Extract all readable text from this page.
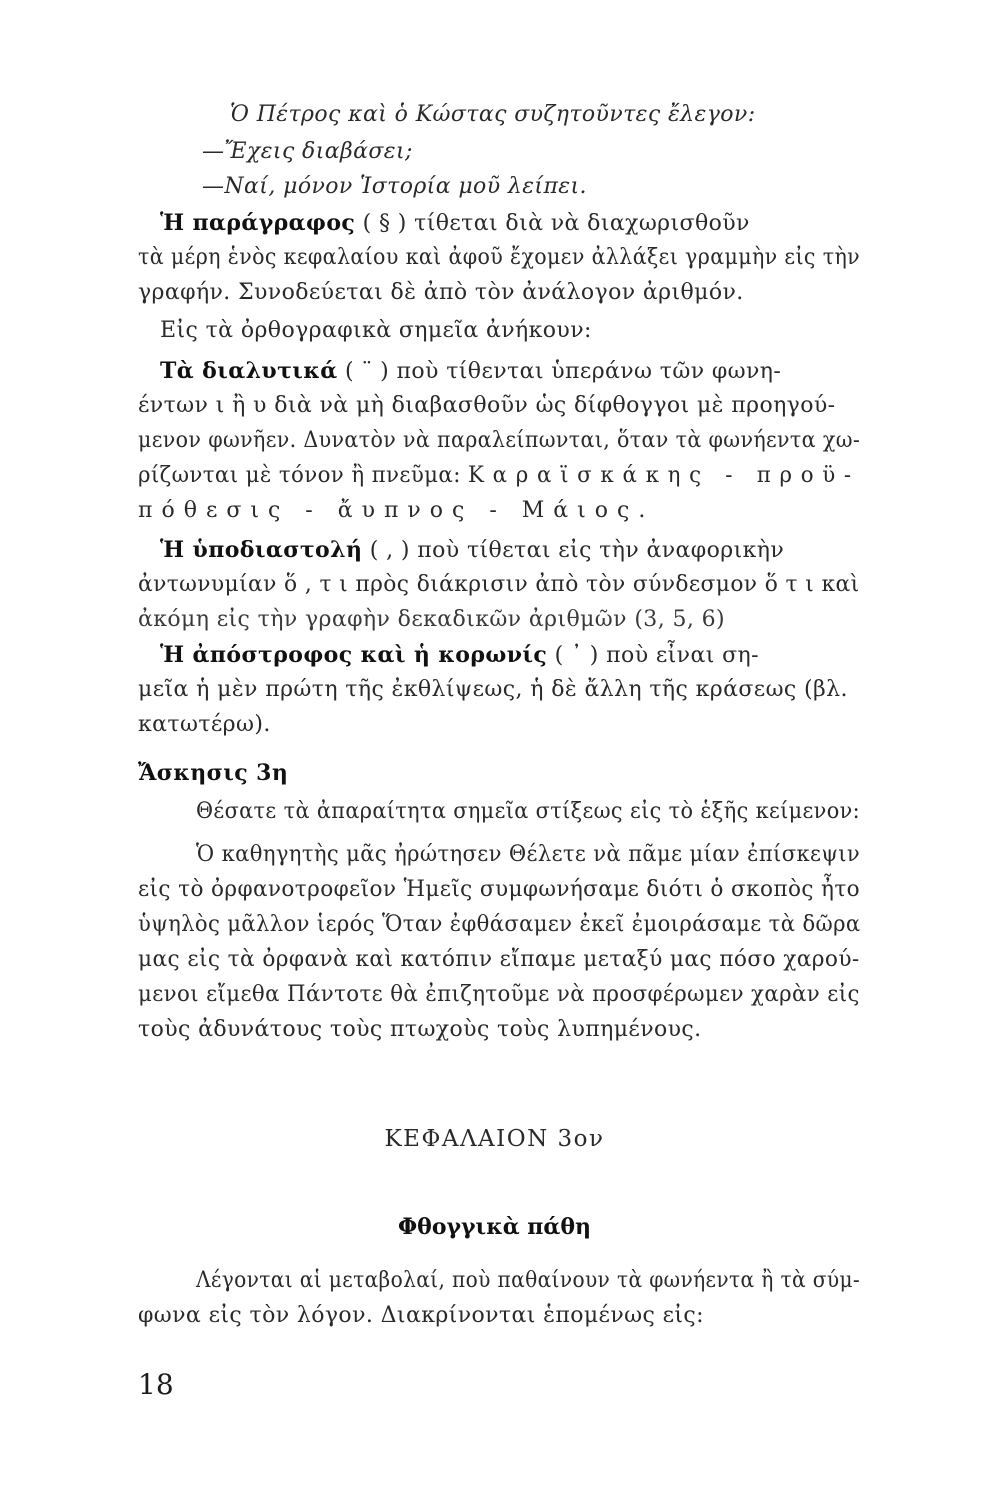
Ὁ Πέτρος καὶ ὁ Κώστας συζητοῦντες ἔλεγον:
—Ἔχεις διαβάσει;
—Ναί, μόνον Ἱστορία μοῦ λείπει.
Ἡ παράγραφος ( § ) τίθεται διὰ νὰ διαχωρισθοῦν
τὰ μέρη ἑνὸς κεφαλαίου καὶ ἀφοῦ ἔχομεν ἀλλάξει γραμμὴν εἰς τὴν
γραφήν. Συνοδεύεται δὲ ἀπὸ τὸν ἀνάλογον ἀριθμόν.
Εἰς τὰ ὀρθογραφικὰ σημεῖα ἀνήκουν:
Τὰ διαλυτικά ( ¨ ) ποὺ τίθενται ὑπεράνω τῶν φωνη-
έντων ι ἢ υ διὰ νὰ μὴ διαβασθοῦν ὡς δίφθογγοι μὲ προηγού-
μενον φωνῆεν. Δυνατὸν νὰ παραλείπωνται, ὅταν τὰ φωνήεντα χω-
ρίζωνται μὲ τόνον ἢ πνεῦμα: Καραϊσκάκης - προϋ-
πόθεσις - ἄυπνος - Μάιος.
Ἡ ὑποδιαστολή ( , ) ποὺ τίθεται εἰς τὴν ἀναφορικὴν
ἀντωνυμίαν ὅ , τ ι πρὸς διάκρισιν ἀπὸ τὸν σύνδεσμον ὅ τ ι καὶ
ἀκόμη εἰς τὴν γραφὴν δεκαδικῶν ἀριθμῶν (3, 5, 6)
Ἡ ἀπόστροφος καὶ ἡ κορωνίς ( ᾽ ) ποὺ εἶναι ση-
μεῖα ἡ μὲν πρώτη τῆς ἐκθλίψεως, ἡ δὲ ἄλλη τῆς κράσεως (βλ.
κατωτέρω).
Ἄσκησις 3η
Θέσατε τὰ ἀπαραίτητα σημεῖα στίξεως εἰς τὸ ἑξῆς κείμενον:
Ὁ καθηγητὴς μᾶς ἠρώτησεν Θέλετε νὰ πᾶμε μίαν ἐπίσκεψιν
εἰς τὸ ὀρφανοτροφεῖον Ἡμεῖς συμφωνήσαμε διότι ὁ σκοπὸς ἦτο
ὑψηλὸς μᾶλλον ἱερός Ὅταν ἐφθάσαμεν ἐκεῖ ἐμοιράσαμε τὰ δῶρα
μας εἰς τὰ ὀρφανὰ καὶ κατόπιν εἴπαμε μεταξύ μας πόσο χαρού-
μενοι εἴμεθα Πάντοτε θὰ ἐπιζητοῦμε νὰ προσφέρωμεν χαρὰν εἰς
τοὺς ἀδυνάτους τοὺς πτωχοὺς τοὺς λυπημένους.
ΚΕΦΑΛΑΙΟΝ 3ον
Φθογγικὰ πάθη
Λέγονται αἱ μεταβολαί, ποὺ παθαίνουν τὰ φωνήεντα ἢ τὰ σύμ-
φωνα εἰς τὸν λόγον. Διακρίνονται ἑπομένως εἰς:
18
